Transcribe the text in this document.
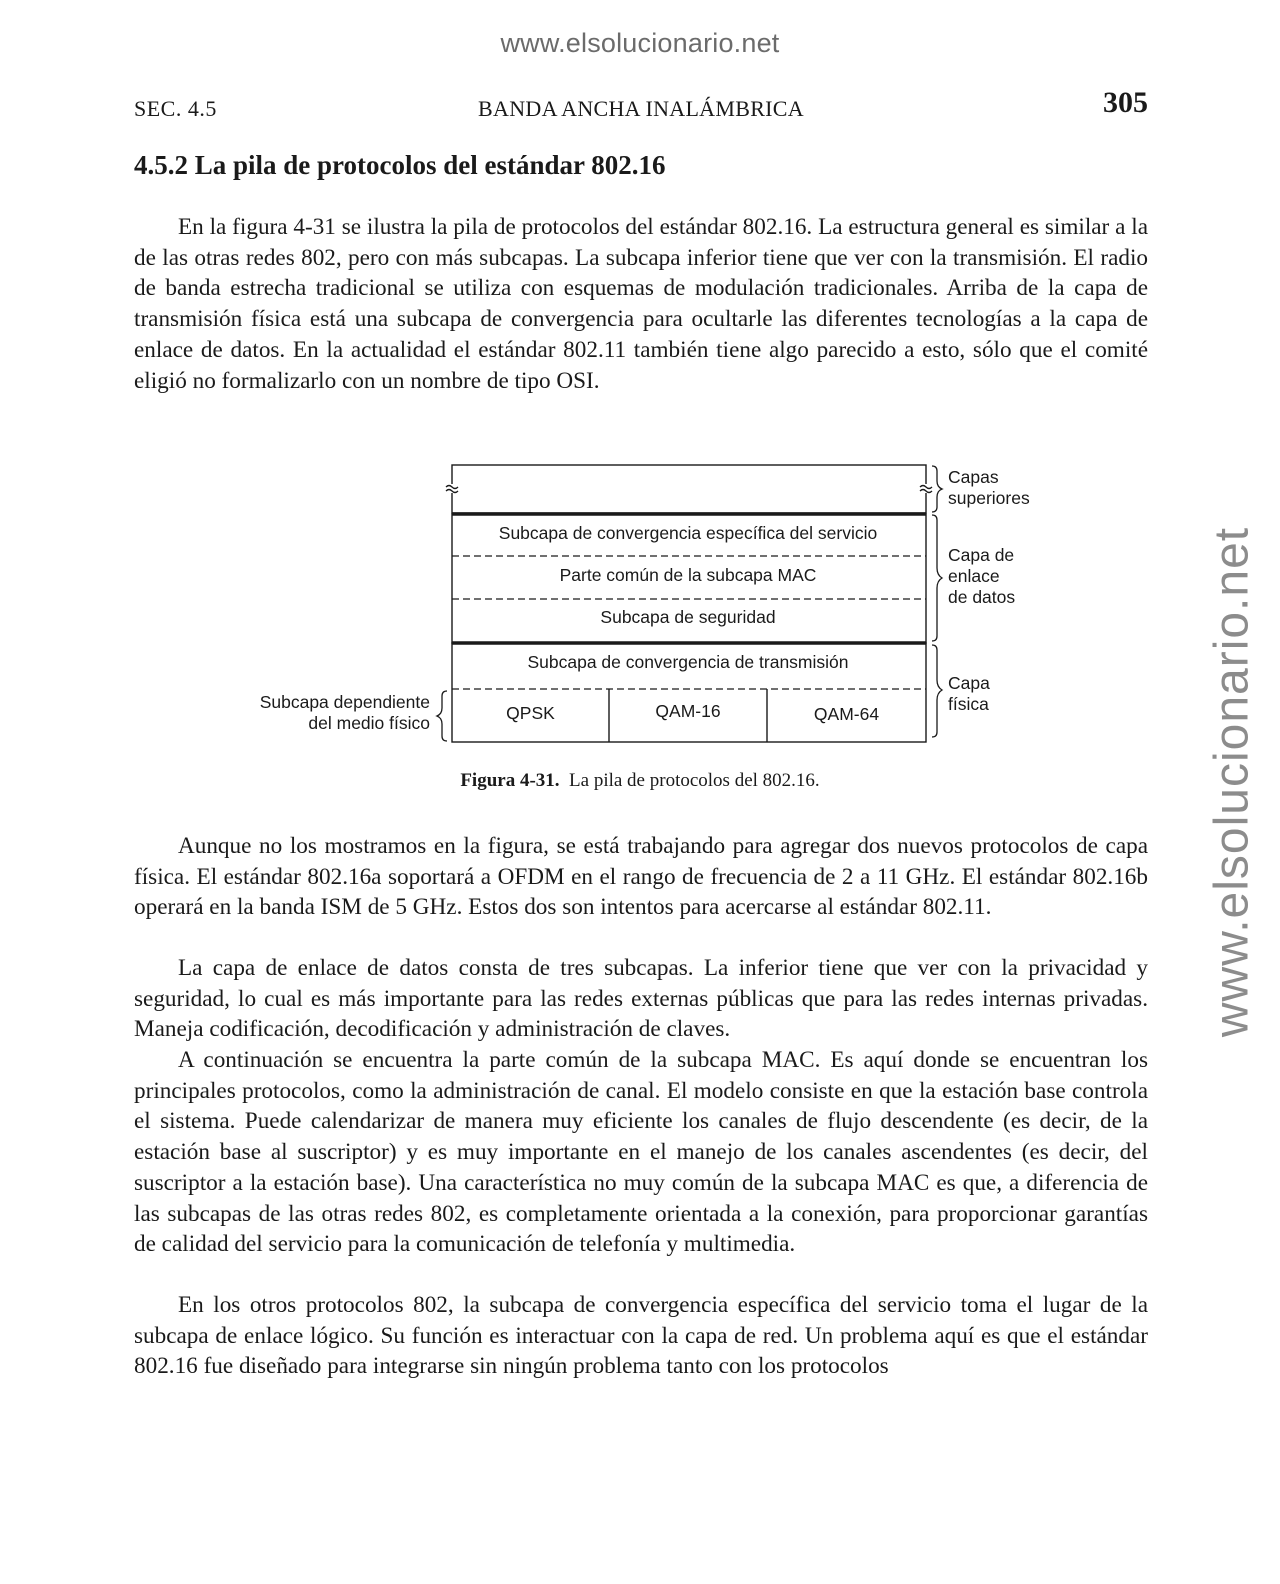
www.elsolucionario.net
www.elsolucionario.net
SEC. 4.5	BANDA ANCHA INALÁMBRICA	305
4.5.2 La pila de protocolos del estándar 802.16

En la figura 4-31 se ilustra la pila de protocolos del estándar 802.16. La estructura general es similar a la de las otras redes 802, pero con más subcapas. La subcapa inferior tiene que ver con la transmisión. El radio de banda estrecha tradicional se utiliza con esquemas de modulación tradicionales. Arriba de la capa de transmisión física está una subcapa de convergencia para ocultarle las diferentes tecnologías a la capa de enlace de datos. En la actualidad el estándar 802.11 también tiene algo parecido a esto, sólo que el comité eligió no formalizarlo con un nombre de tipo OSI.

Subcapa de convergencia específica del servicio
Parte común de la subcapa MAC
Subcapa de seguridad
Subcapa de convergencia de transmisión
QPSK	QAM-16	QAM-64
Capas
superiores
Capa de
enlace
de datos
Capa
física
Subcapa dependiente
del medio físico
Figura 4-31. La pila de protocolos del 802.16.

Aunque no los mostramos en la figura, se está trabajando para agregar dos nuevos protocolos de capa física. El estándar 802.16a soportará a OFDM en el rango de frecuencia de 2 a 11 GHz. El estándar 802.16b operará en la banda ISM de 5 GHz. Estos dos son intentos para acercarse al estándar 802.11.

La capa de enlace de datos consta de tres subcapas. La inferior tiene que ver con la privacidad y seguridad, lo cual es más importante para las redes externas públicas que para las redes internas privadas. Maneja codificación, decodificación y administración de claves.

A continuación se encuentra la parte común de la subcapa MAC. Es aquí donde se encuentran los principales protocolos, como la administración de canal. El modelo consiste en que la estación base controla el sistema. Puede calendarizar de manera muy eficiente los canales de flujo descendente (es decir, de la estación base al suscriptor) y es muy importante en el manejo de los canales ascendentes (es decir, del suscriptor a la estación base). Una característica no muy común de la subcapa MAC es que, a diferencia de las subcapas de las otras redes 802, es completamente orientada a la conexión, para proporcionar garantías de calidad del servicio para la comunicación de telefonía y multimedia.

En los otros protocolos 802, la subcapa de convergencia específica del servicio toma el lugar de la subcapa de enlace lógico. Su función es interactuar con la capa de red. Un problema aquí es que el estándar 802.16 fue diseñado para integrarse sin ningún problema tanto con los protocolos
